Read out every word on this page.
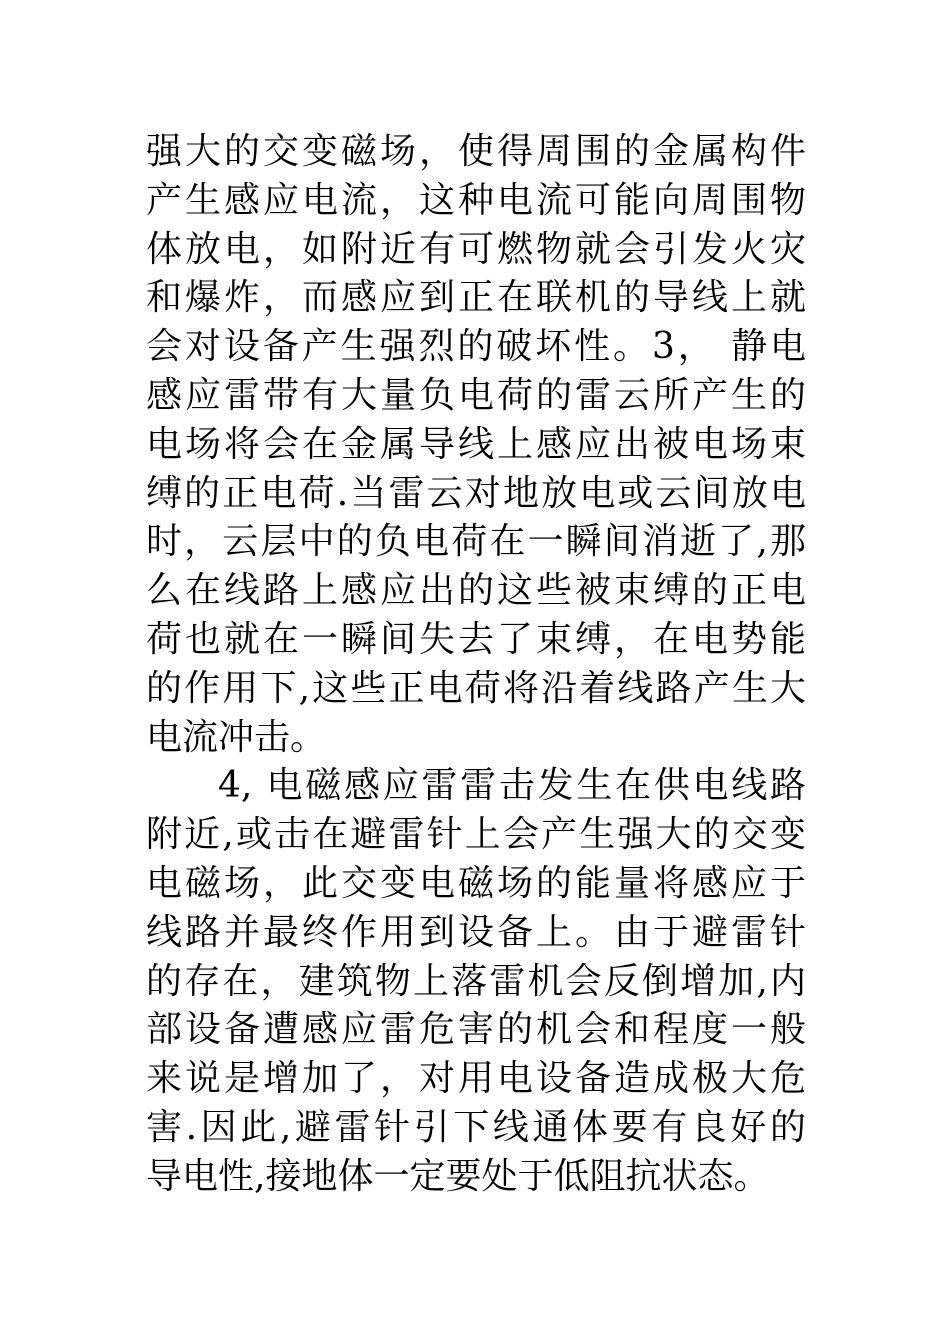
强大的交变磁场，使得周围的金属构件
产生感应电流，这种电流可能向周围物
体放电，如附近有可燃物就会引发火灾
和爆炸，而感应到正在联机的导线上就
会对设备产生强烈的破坏性。3， 静电
感应雷带有大量负电荷的雷云所产生的
电场将会在金属导线上感应出被电场束
缚的正电荷.当雷云对地放电或云间放电
时，云层中的负电荷在一瞬间消逝了,那
么在线路上感应出的这些被束缚的正电
荷也就在一瞬间失去了束缚，在电势能
的作用下,这些正电荷将沿着线路产生大
电流冲击。
4, 电磁感应雷雷击发生在供电线路
附近,或击在避雷针上会产生强大的交变
电磁场，此交变电磁场的能量将感应于
线路并最终作用到设备上。由于避雷针
的存在，建筑物上落雷机会反倒增加,内
部设备遭感应雷危害的机会和程度一般
来说是增加了，对用电设备造成极大危
害.因此,避雷针引下线通体要有良好的
导电性,接地体一定要处于低阻抗状态。
